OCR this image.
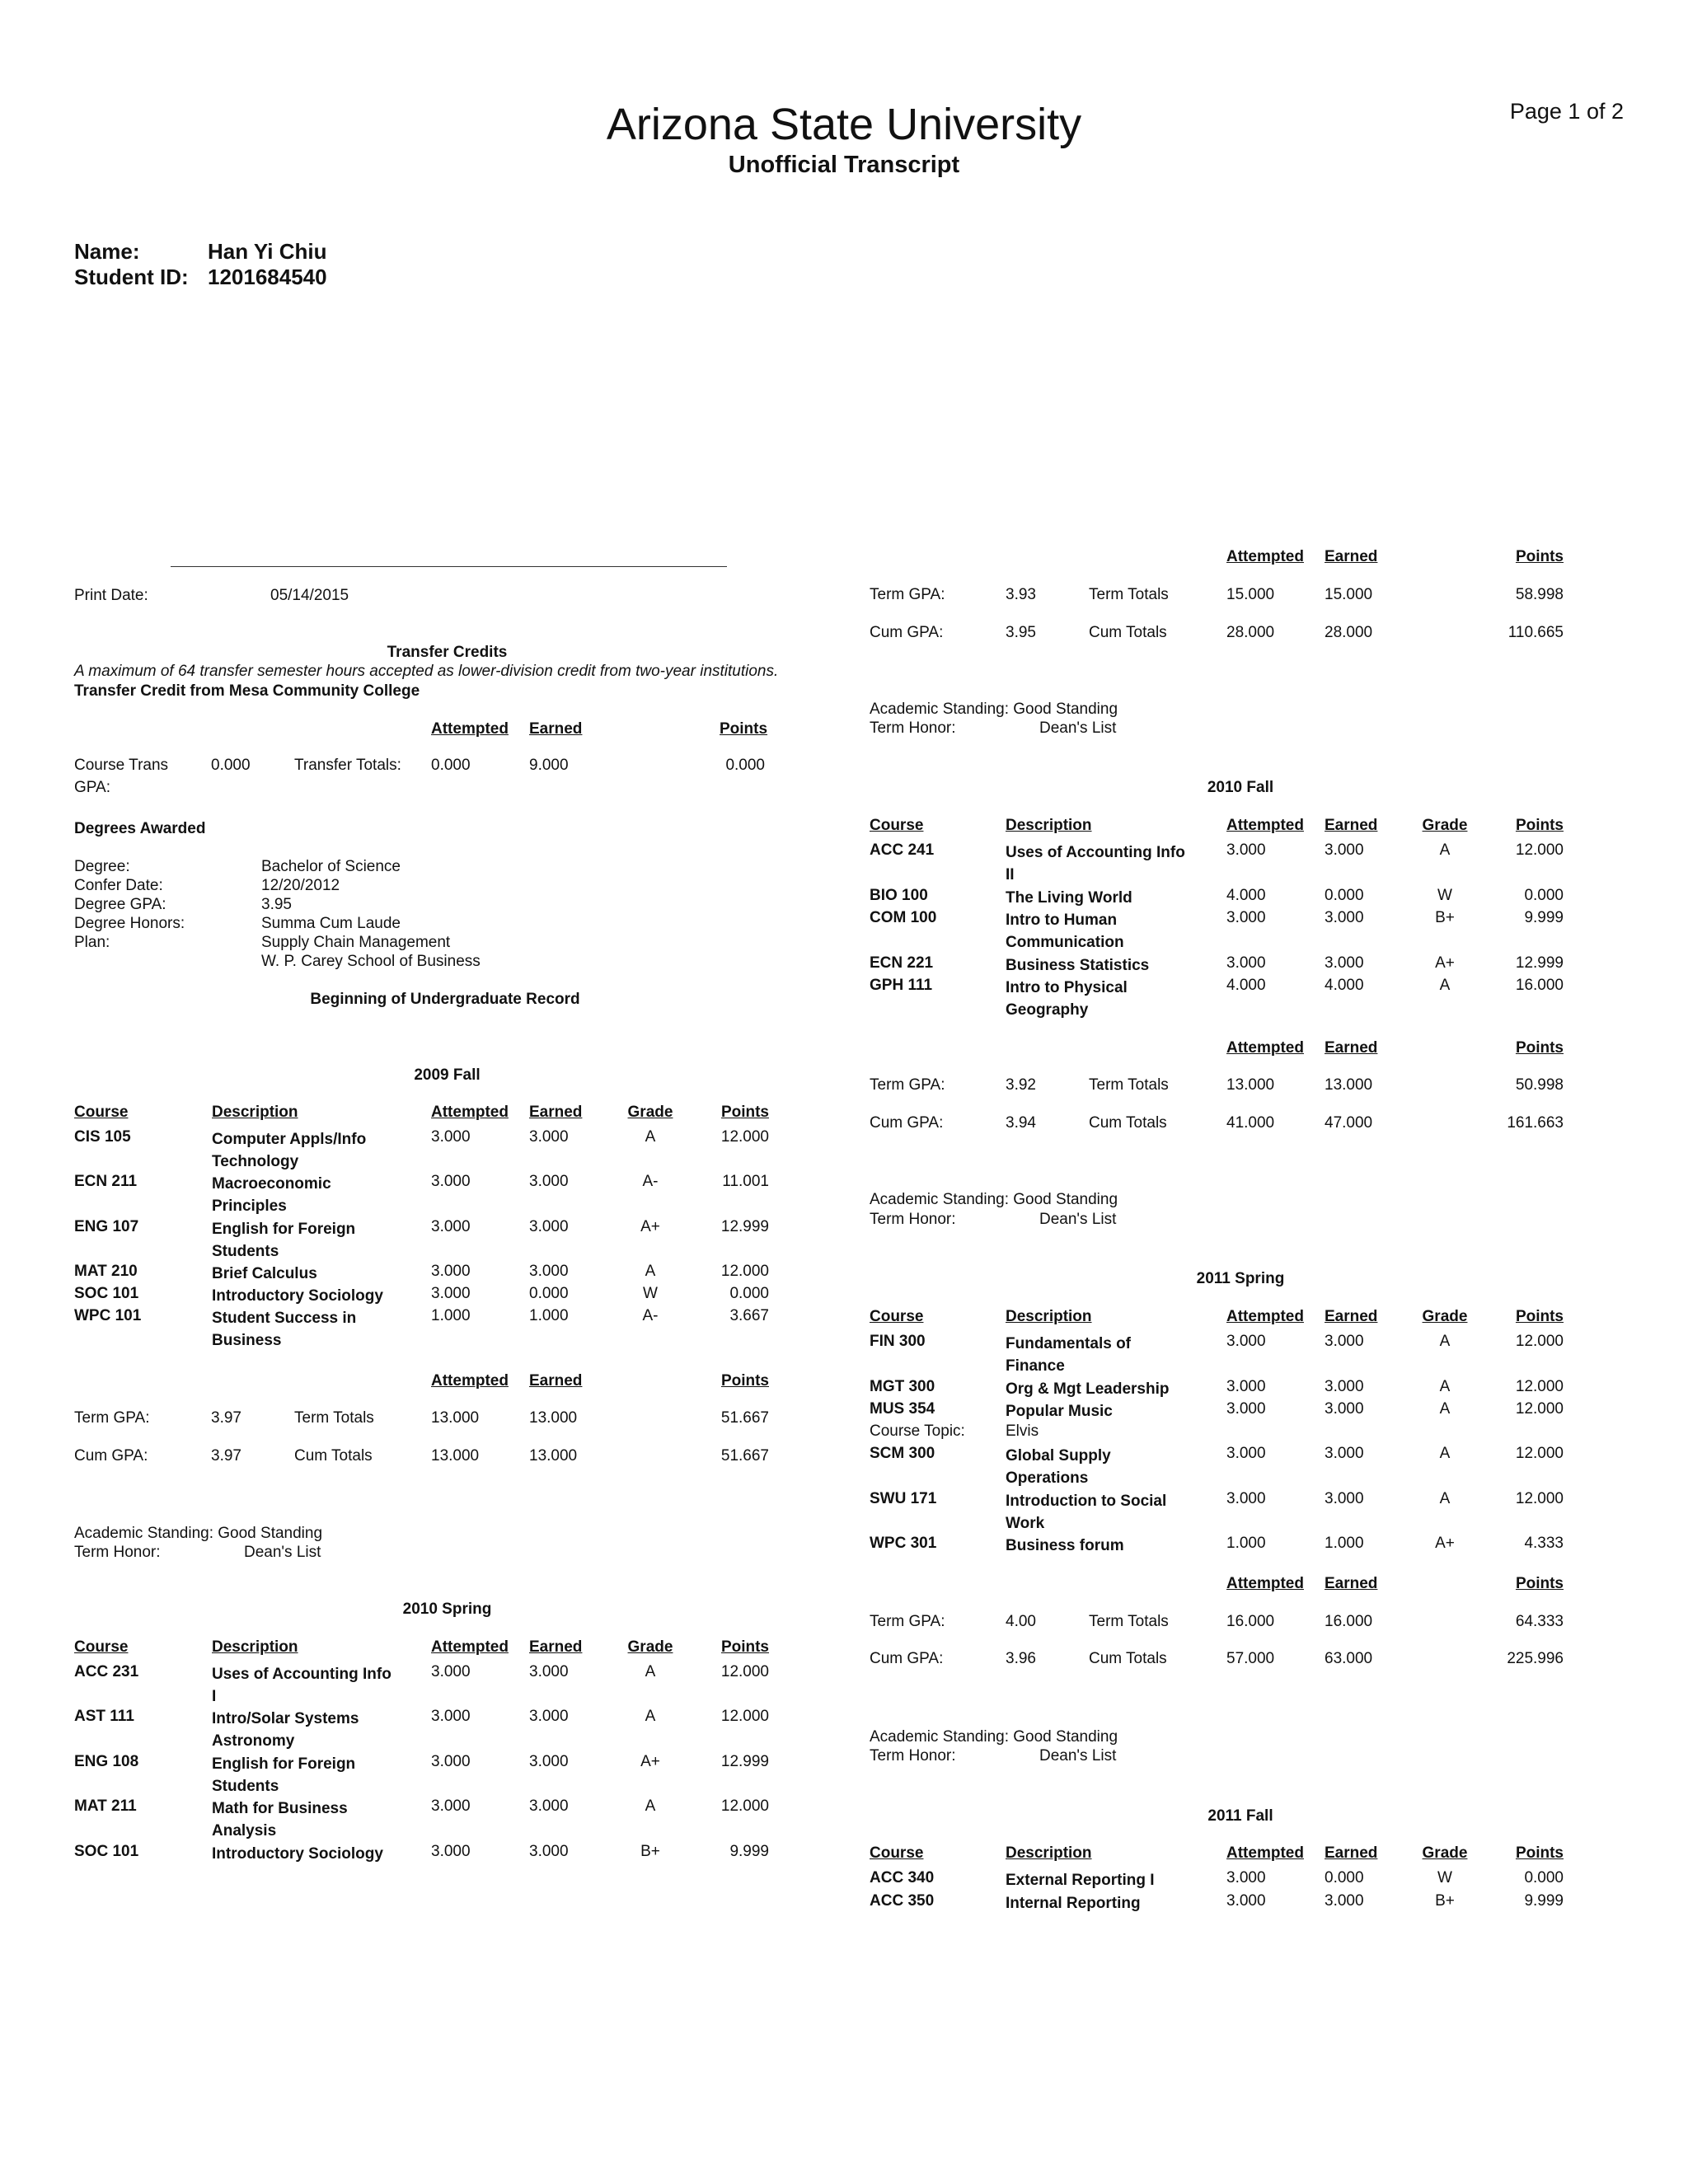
Arizona State University
Unofficial Transcript
Page 1 of 2
Name:	Han Yi Chiu
Student ID: 1201684540
Print Date:	05/14/2015
Transfer Credits
A maximum of 64 transfer semester hours accepted as lower-division credit from two-year institutions.
Transfer Credit from Mesa Community College
Attempted Earned	Points
Course Trans
GPA:
0.000	Transfer Totals: 0.000	9.000	0.000
Degrees Awarded
Degree:	Bachelor of Science
Confer Date:	12/20/2012
Degree GPA:	3.95
Degree Honors:	Summa Cum Laude
Plan:	Supply Chain Management
W. P. Carey School of Business
Beginning of Undergraduate Record
2009 Fall
Course	Description	Attempted Earned	Grade	Points
CIS 105	Computer Appls/Info
Technology
3.000	3.000	A	12.000
ECN 211	Macroeconomic
Principles
3.000	3.000	A-	11.001
ENG 107	English for Foreign
Students
3.000	3.000	A+	12.999
MAT 210	Brief Calculus	3.000	3.000	A	12.000
SOC 101	Introductory Sociology	3.000	0.000	W	0.000
WPC 101	Student Success in
Business
1.000	1.000	A-	3.667
Attempted Earned	Points
Term GPA:	3.97	Term Totals	13.000	13.000	51.667
Cum GPA:	3.97	Cum Totals	13.000	13.000	51.667
Academic Standing: Good Standing
Term Honor:	Dean's List
2010 Spring
Course	Description	Attempted Earned	Grade	Points
ACC 231	Uses of Accounting Info
I
3.000	3.000	A	12.000
AST 111	Intro/Solar Systems
Astronomy
3.000	3.000	A	12.000
ENG 108	English for Foreign
Students
3.000	3.000	A+	12.999
MAT 211	Math for Business
Analysis
3.000	3.000	A	12.000
SOC 101	Introductory Sociology	3.000	3.000	B+	9.999
Attempted Earned	Points
Term GPA:	3.93	Term Totals	15.000	15.000	58.998
Cum GPA:	3.95	Cum Totals	28.000	28.000	110.665
Academic Standing: Good Standing
Term Honor:	Dean's List
2010 Fall
Course	Description	Attempted Earned	Grade	Points
ACC 241	Uses of Accounting Info
II
3.000	3.000	A	12.000
BIO 100	The Living World	4.000	0.000	W	0.000
COM 100	Intro to Human
Communication
3.000	3.000	B+	9.999
ECN 221	Business Statistics	3.000	3.000	A+	12.999
GPH 111	Intro to Physical
Geography
4.000	4.000	A	16.000
Attempted Earned	Points
Term GPA:	3.92	Term Totals	13.000	13.000	50.998
Cum GPA:	3.94	Cum Totals	41.000	47.000	161.663
Academic Standing: Good Standing
Term Honor:	Dean's List
2011 Spring
Course	Description	Attempted Earned	Grade	Points
FIN 300	Fundamentals of
Finance
3.000	3.000	A	12.000
MGT 300	Org & Mgt Leadership	3.000	3.000	A	12.000
MUS 354	Popular Music	3.000	3.000	A	12.000
Course Topic:	Elvis
SCM 300	Global Supply
Operations
3.000	3.000	A	12.000
SWU 171	Introduction to Social
Work
3.000	3.000	A	12.000
WPC 301	Business forum	1.000	1.000	A+	4.333
Attempted Earned	Points
Term GPA:	4.00	Term Totals	16.000	16.000	64.333
Cum GPA:	3.96	Cum Totals	57.000	63.000	225.996
Academic Standing: Good Standing
Term Honor:	Dean's List
2011 Fall
Course	Description	Attempted Earned	Grade	Points
ACC 340	External Reporting I	3.000	0.000	W	0.000
ACC 350	Internal Reporting	3.000	3.000	B+	9.999
